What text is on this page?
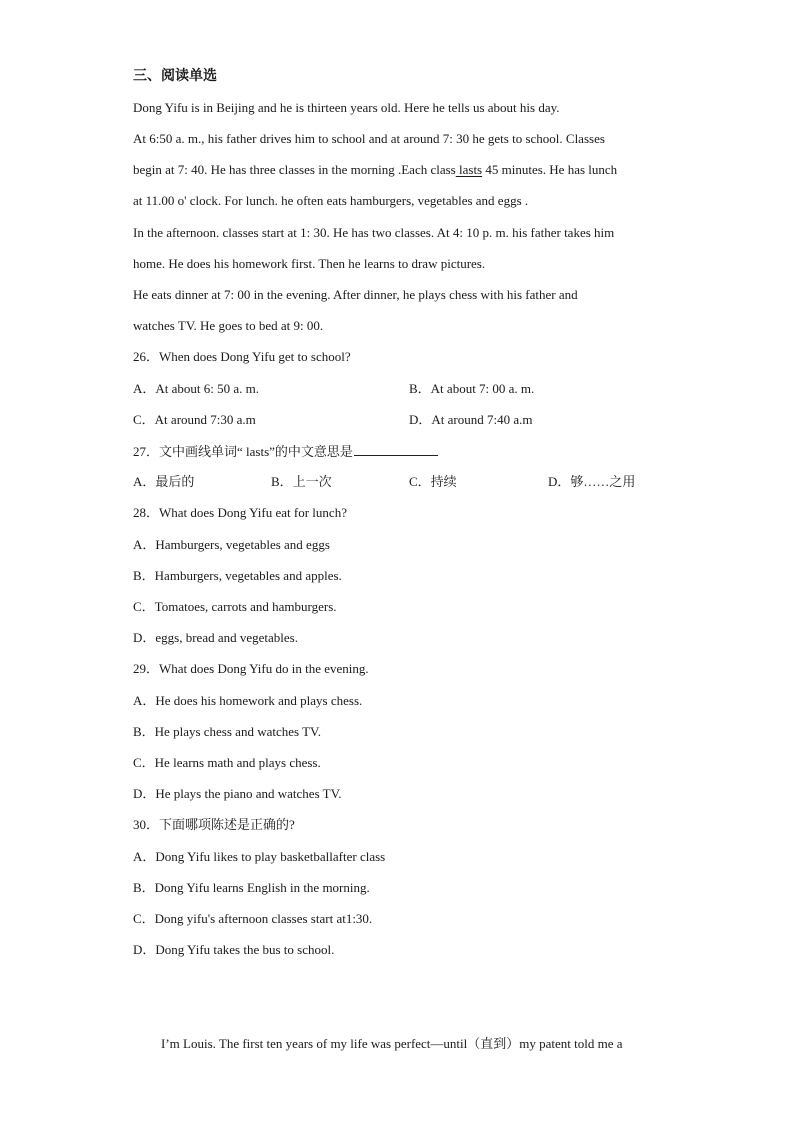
三、阅读单选
Dong Yifu is in Beijing and he is thirteen years old. Here he tells us about his day.
At 6:50 a. m., his father drives him to school and at around 7: 30 he gets to school. Classes
begin at 7: 40. He has three classes in the morning .Each class lasts 45 minutes. He has lunch
at 11.00 o' clock. For lunch. he often eats hamburgers, vegetables and eggs .
In the afternoon. classes start at 1: 30. He has two classes. At 4: 10 p. m. his father takes him
home. He does his homework first. Then he learns to draw pictures.
He eats dinner at 7: 00 in the evening. After dinner, he plays chess with his father and
watches TV. He goes to bed at 9: 00.
26．When does Dong Yifu get to school?
A．At about 6: 50 a. m.	B．At about 7: 00 a. m.
C．At around 7:30 a.m	D．At around 7:40 a.m
27．文中画线单词“ lasts”的中文意思是
A．最后的	B．上一次	C．持续	D．够……之用
28．What does Dong Yifu eat for lunch?
A．Hamburgers, vegetables and eggs
B．Hamburgers, vegetables and apples.
C．Tomatoes, carrots and hamburgers.
D．eggs, bread and vegetables.
29．What does Dong Yifu do in the evening.
A．He does his homework and plays chess.
B．He plays chess and watches TV.
C．He learns math and plays chess.
D．He plays the piano and watches TV.
30．下面哪项陈述是正确的?
A．Dong Yifu likes to play basketballafter class
B．Dong Yifu learns English in the morning.
C．Dong yifu's afternoon classes start at1:30.
D．Dong Yifu takes the bus to school.
I’m Louis. The first ten years of my life was perfect—until（直到）my patent told me a
